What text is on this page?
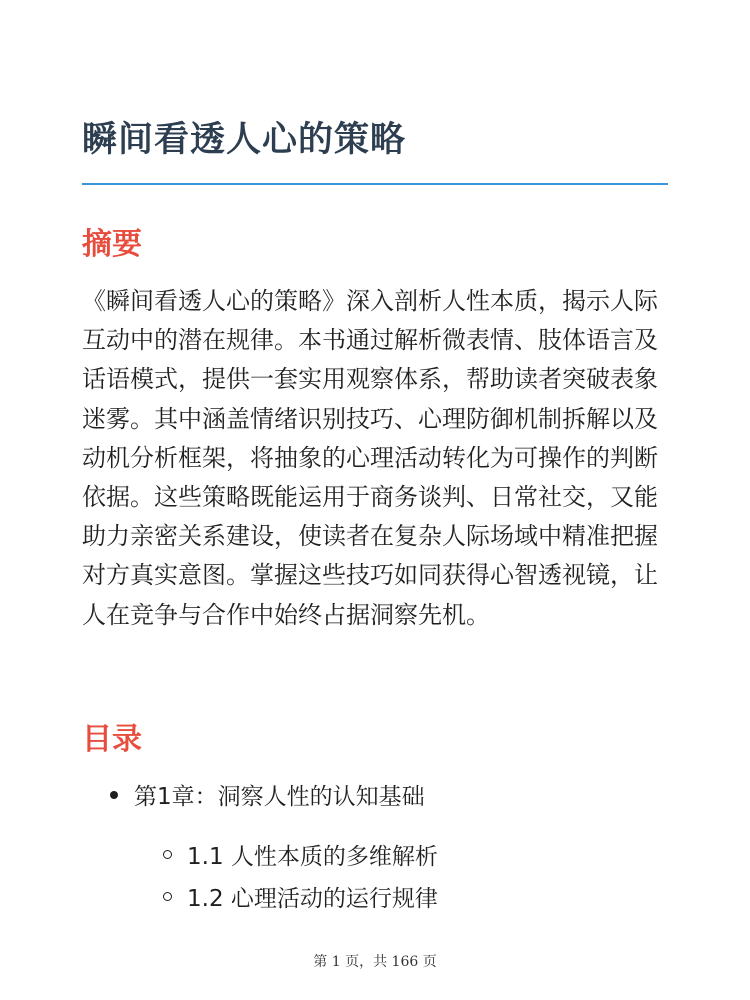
瞬间看透人心的策略
摘要

《瞬间看透人心的策略》深入剖析人性本质，揭示人际互动中的潜在规律。本书通过解析微表情、肢体语言及话语模式，提供一套实用观察体系，帮助读者突破表象迷雾。其中涵盖情绪识别技巧、心理防御机制拆解以及动机分析框架，将抽象的心理活动转化为可操作的判断依据。这些策略既能运用于商务谈判、日常社交，又能助力亲密关系建设，使读者在复杂人际场域中精准把握对方真实意图。掌握这些技巧如同获得心智透视镜，让人在竞争与合作中始终占据洞察先机。

目录
第1章：洞察人性的认知基础
1.1 人性本质的多维解析
1.2 心理活动的运行规律
第 1 页，共 166 页
